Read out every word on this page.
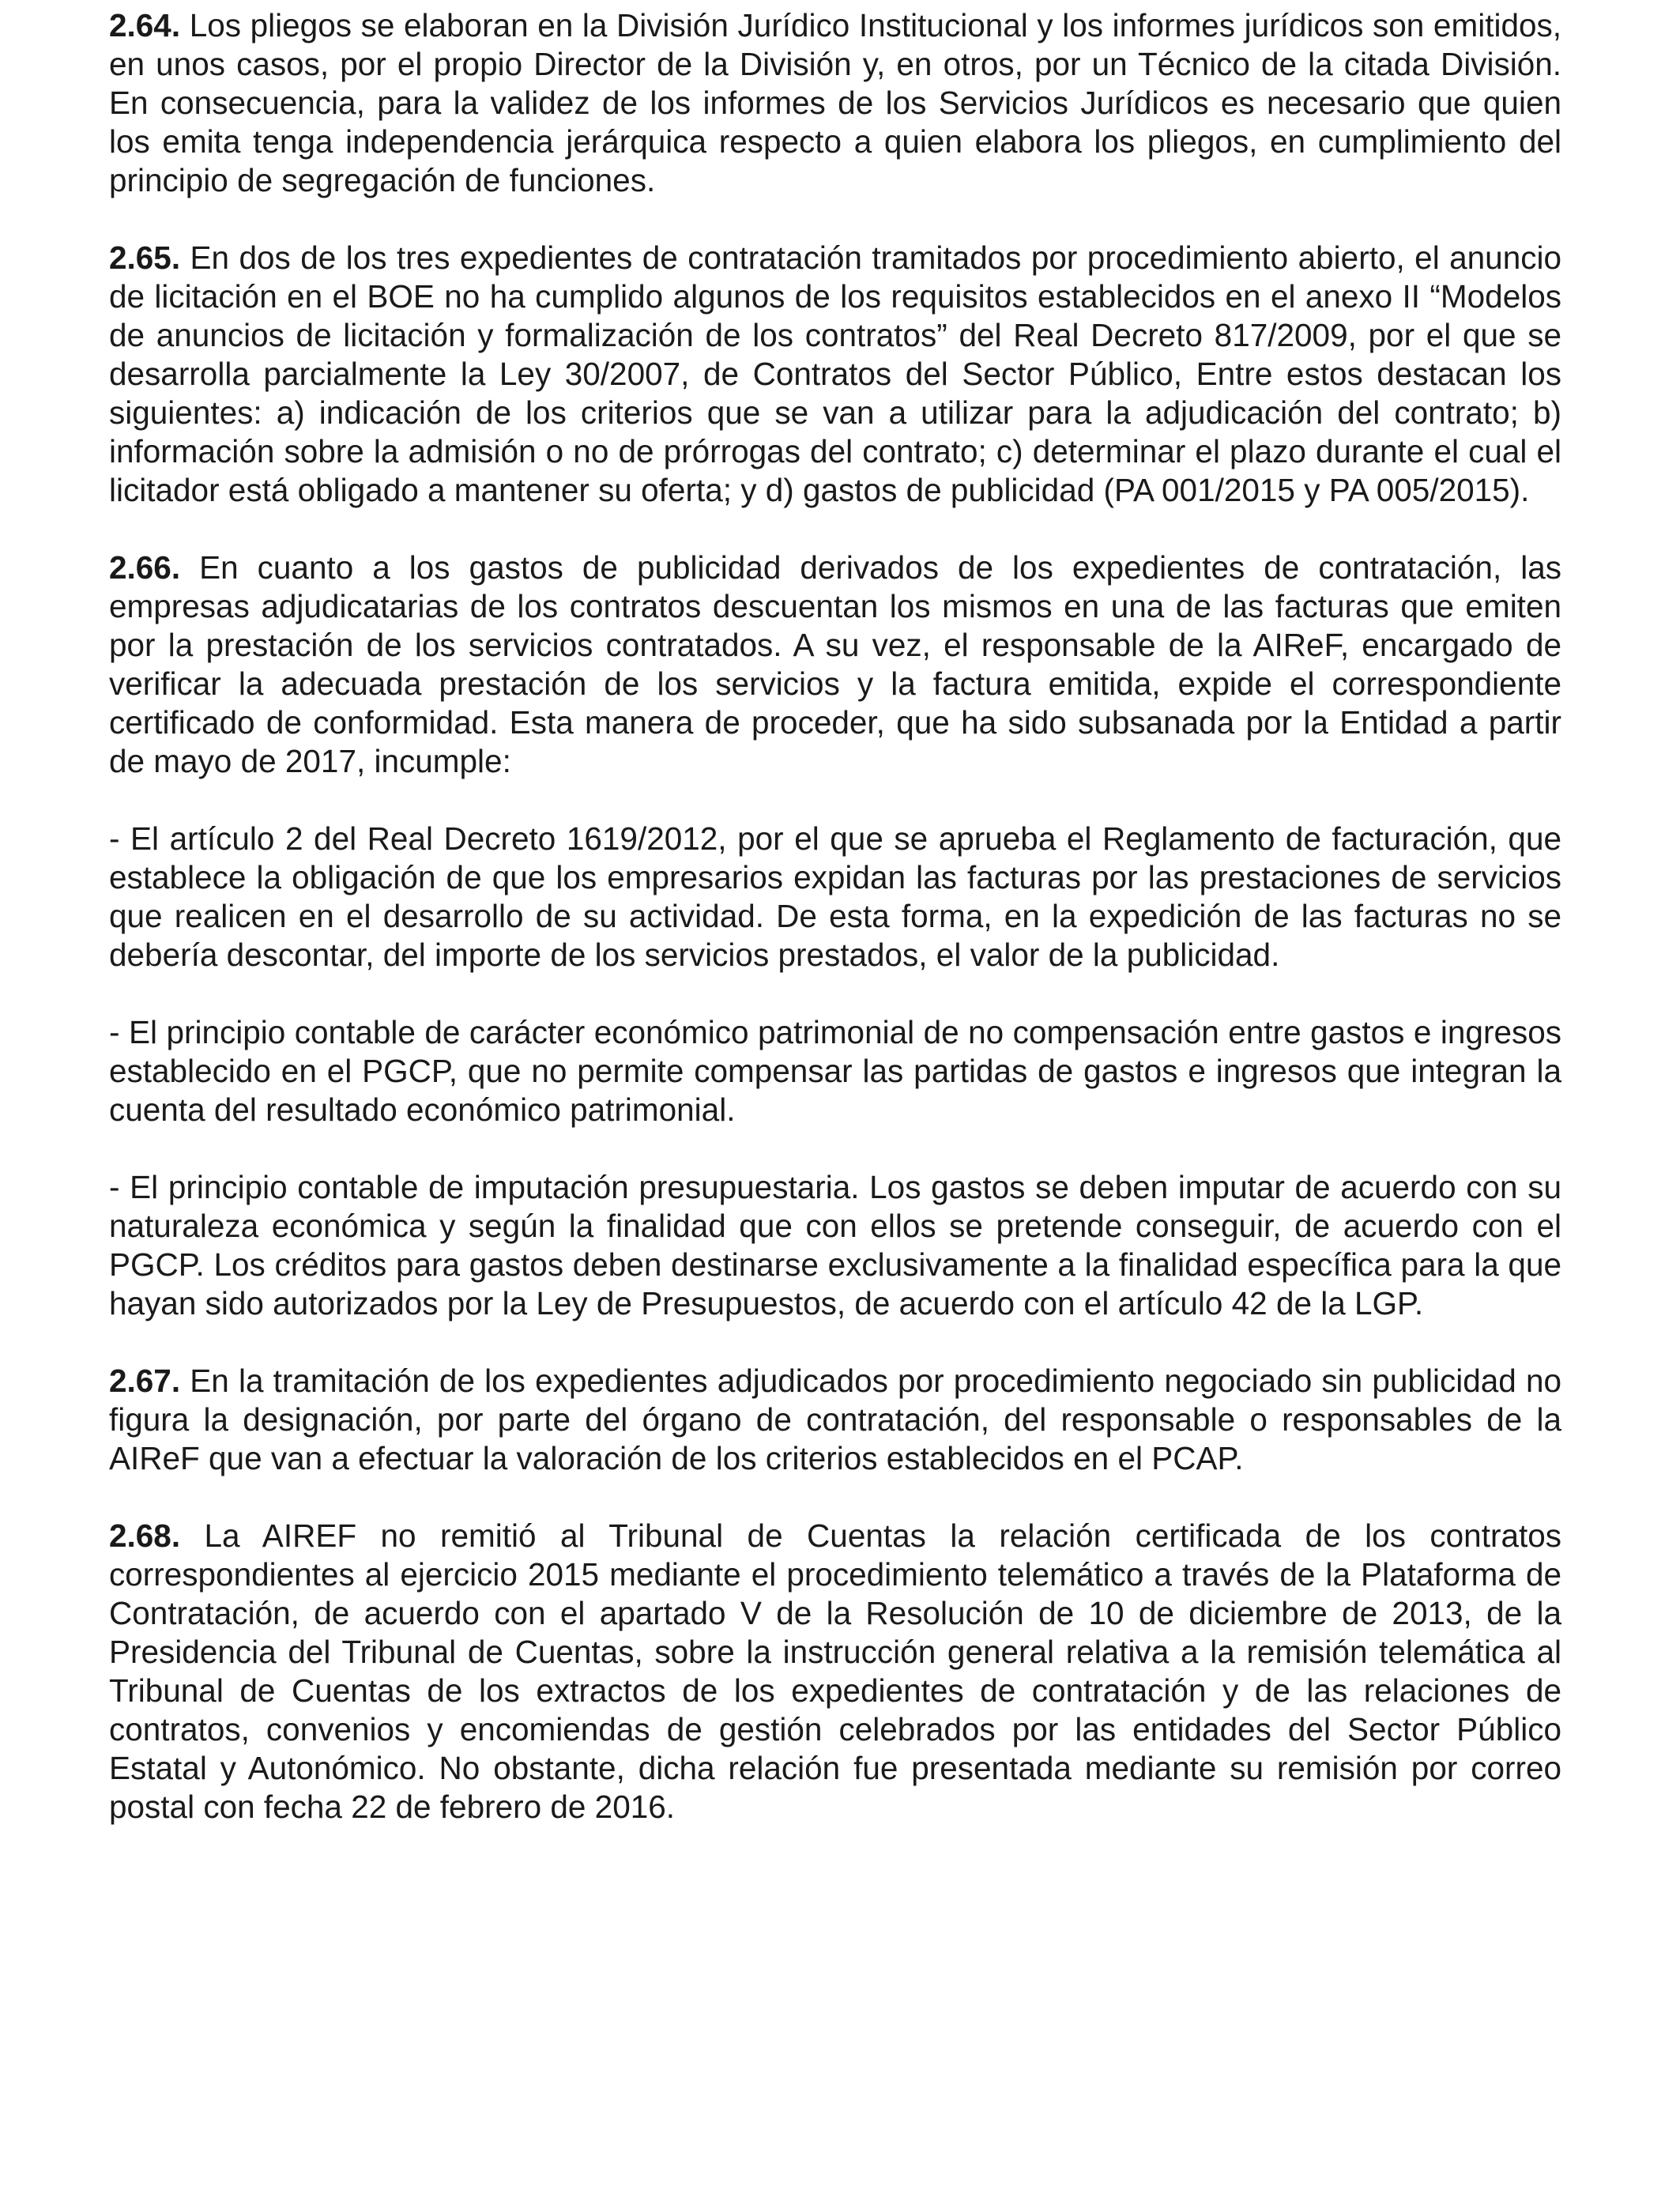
2.64. Los pliegos se elaboran en la División Jurídico Institucional y los informes jurídicos son emitidos, en unos casos, por el propio Director de la División y, en otros, por un Técnico de la citada División. En consecuencia, para la validez de los informes de los Servicios Jurídicos es necesario que quien los emita tenga independencia jerárquica respecto a quien elabora los pliegos, en cumplimiento del principio de segregación de funciones.

2.65. En dos de los tres expedientes de contratación tramitados por procedimiento abierto, el anuncio de licitación en el BOE no ha cumplido algunos de los requisitos establecidos en el anexo II “Modelos de anuncios de licitación y formalización de los contratos” del Real Decreto 817/2009, por el que se desarrolla parcialmente la Ley 30/2007, de Contratos del Sector Público, Entre estos destacan los siguientes: a) indicación de los criterios que se van a utilizar para la adjudicación del contrato; b) información sobre la admisión o no de prórrogas del contrato; c) determinar el plazo durante el cual el licitador está obligado a mantener su oferta; y d) gastos de publicidad (PA 001/2015 y PA 005/2015).

2.66. En cuanto a los gastos de publicidad derivados de los expedientes de contratación, las empresas adjudicatarias de los contratos descuentan los mismos en una de las facturas que emiten por la prestación de los servicios contratados. A su vez, el responsable de la AIReF, encargado de verificar la adecuada prestación de los servicios y la factura emitida, expide el correspondiente certificado de conformidad. Esta manera de proceder, que ha sido subsanada por la Entidad a partir de mayo de 2017, incumple:

- El artículo 2 del Real Decreto 1619/2012, por el que se aprueba el Reglamento de facturación, que establece la obligación de que los empresarios expidan las facturas por las prestaciones de servicios que realicen en el desarrollo de su actividad. De esta forma, en la expedición de las facturas no se debería descontar, del importe de los servicios prestados, el valor de la publicidad.

- El principio contable de carácter económico patrimonial de no compensación entre gastos e ingresos establecido en el PGCP, que no permite compensar las partidas de gastos e ingresos que integran la cuenta del resultado económico patrimonial.

- El principio contable de imputación presupuestaria. Los gastos se deben imputar de acuerdo con su naturaleza económica y según la finalidad que con ellos se pretende conseguir, de acuerdo con el PGCP. Los créditos para gastos deben destinarse exclusivamente a la finalidad específica para la que hayan sido autorizados por la Ley de Presupuestos, de acuerdo con el artículo 42 de la LGP.

2.67. En la tramitación de los expedientes adjudicados por procedimiento negociado sin publicidad no figura la designación, por parte del órgano de contratación, del responsable o responsables de la AIReF que van a efectuar la valoración de los criterios establecidos en el PCAP.

2.68. La AIREF no remitió al Tribunal de Cuentas la relación certificada de los contratos correspondientes al ejercicio 2015 mediante el procedimiento telemático a través de la Plataforma de Contratación, de acuerdo con el apartado V de la Resolución de 10 de diciembre de 2013, de la Presidencia del Tribunal de Cuentas, sobre la instrucción general relativa a la remisión telemática al Tribunal de Cuentas de los extractos de los expedientes de contratación y de las relaciones de contratos, convenios y encomiendas de gestión celebrados por las entidades del Sector Público Estatal y Autonómico. No obstante, dicha relación fue presentada mediante su remisión por correo postal con fecha 22 de febrero de 2016.
